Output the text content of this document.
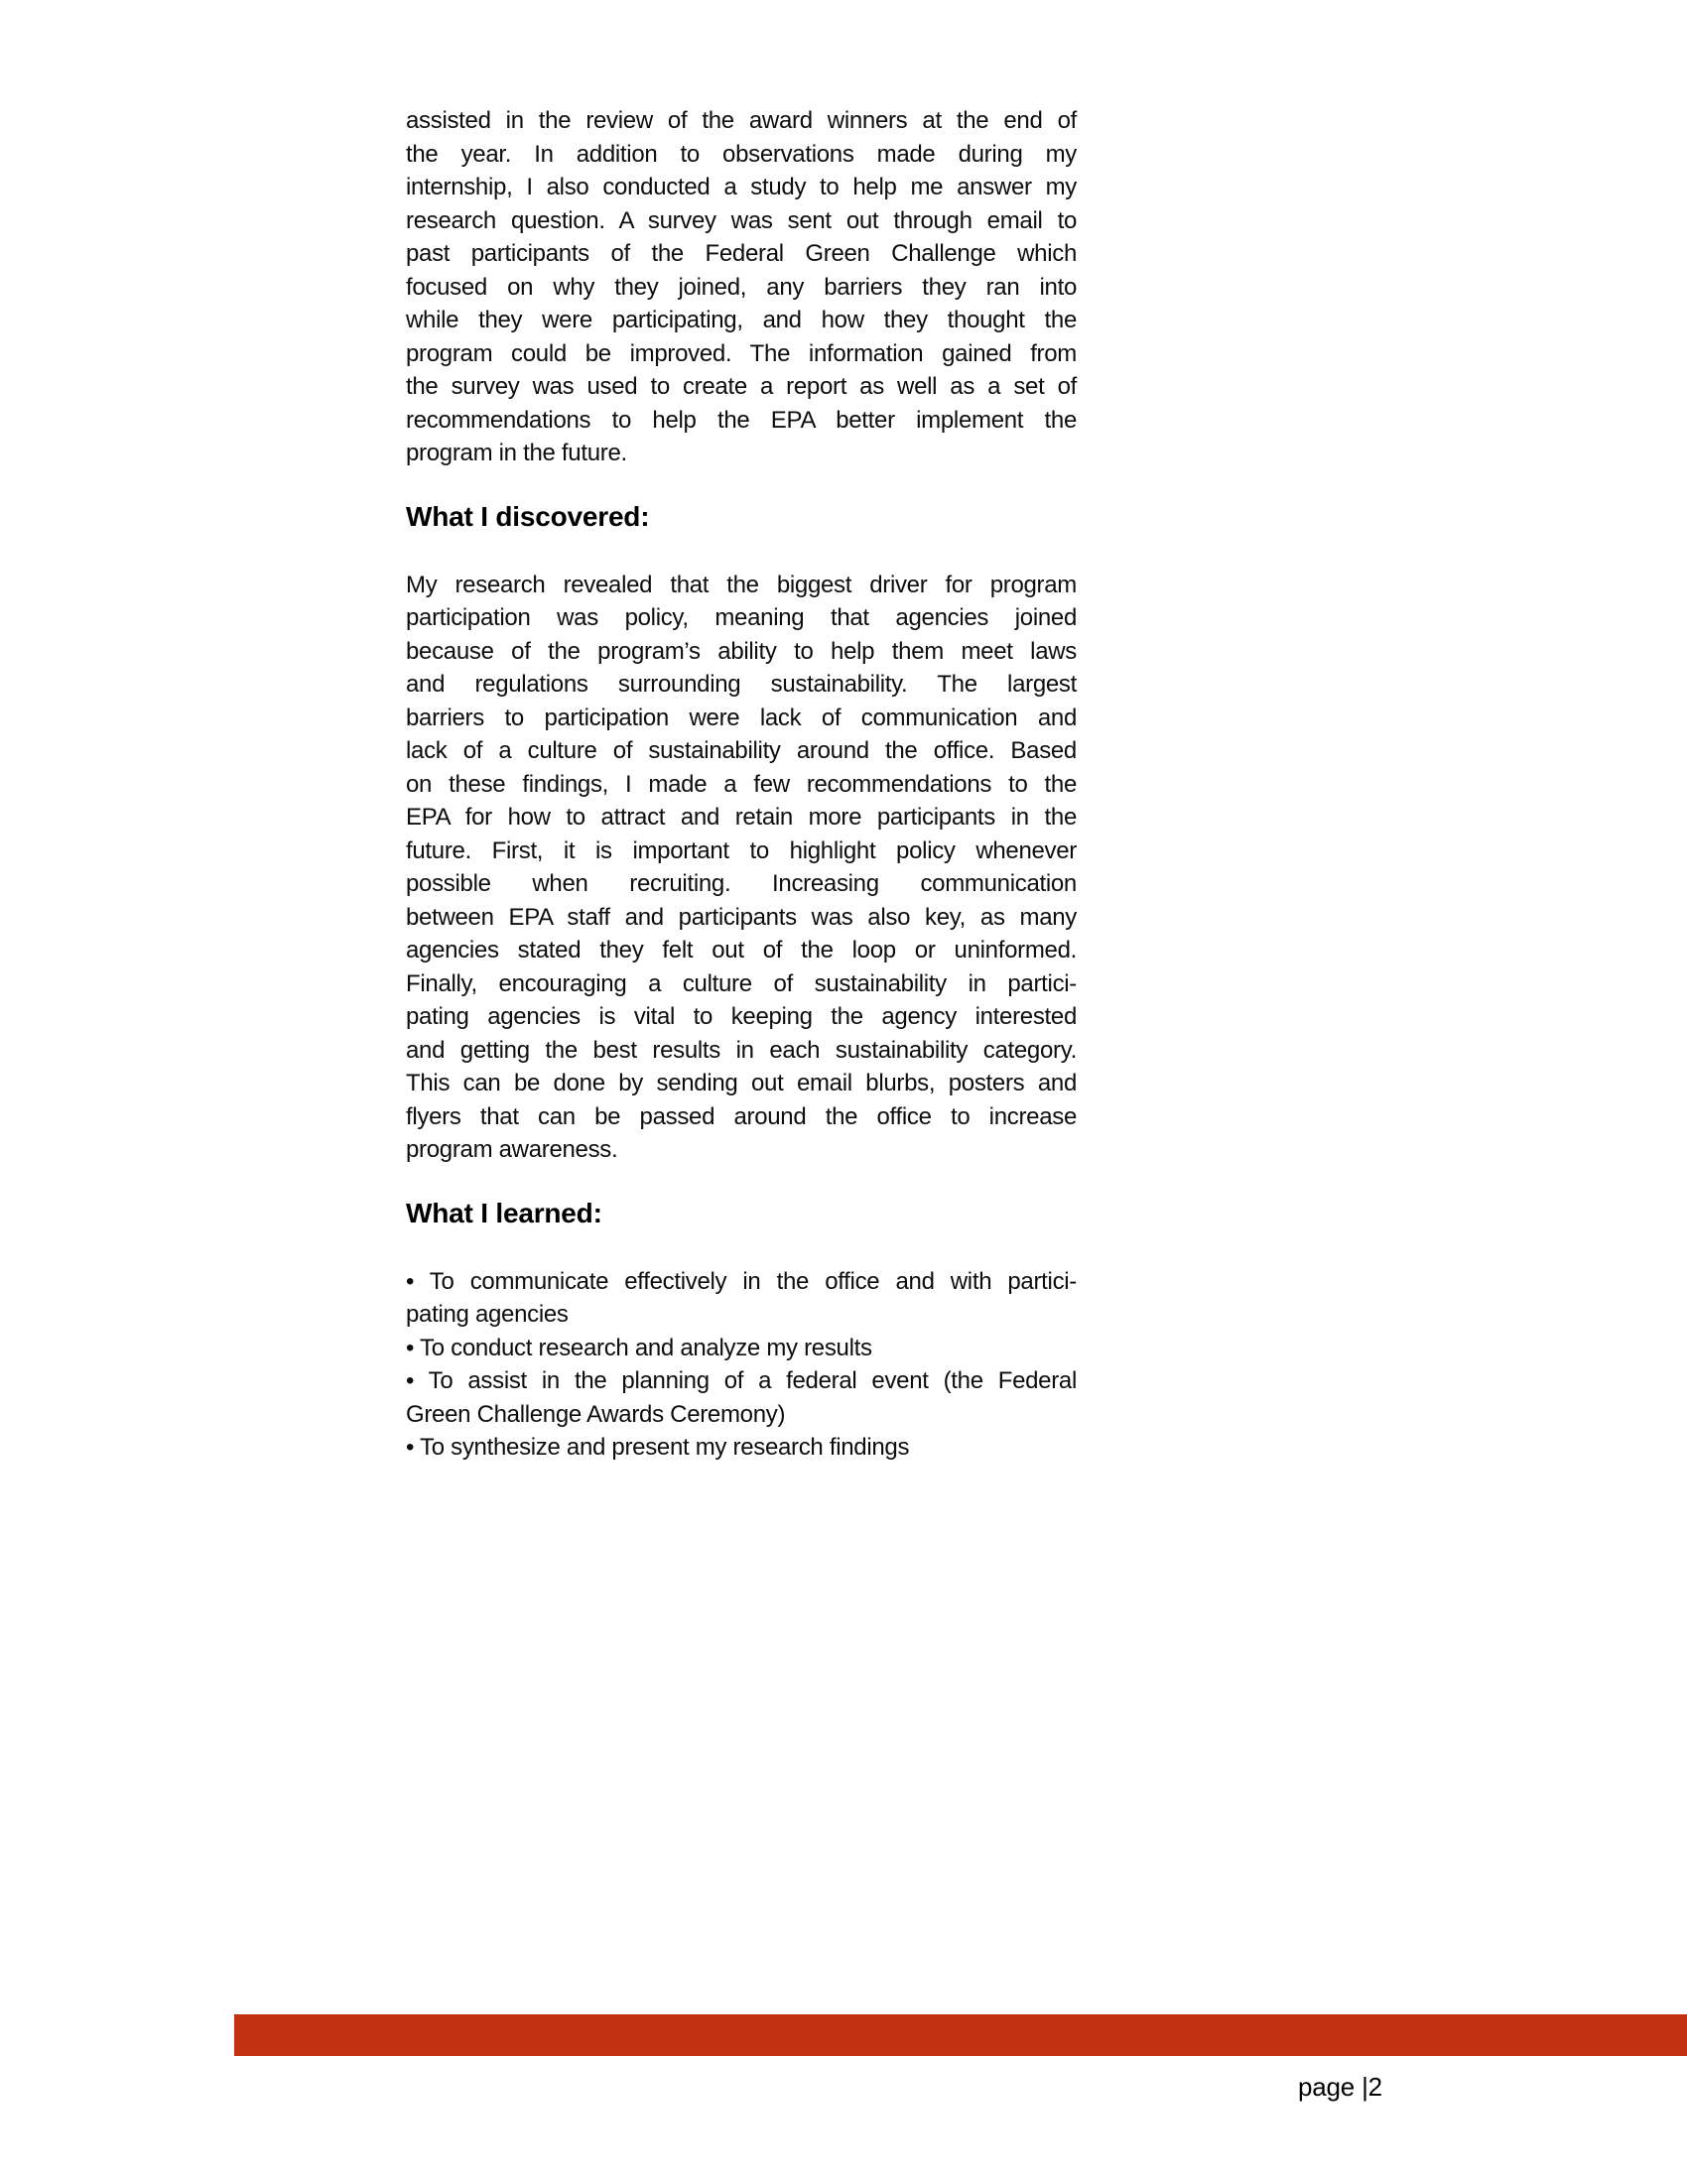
assisted in the review of the award winners at the end of
the year. In addition to observations made during my
internship, I also conducted a study to help me answer my
research question. A survey was sent out through email to
past participants of the Federal Green Challenge which
focused on why they joined, any barriers they ran into
while they were participating, and how they thought the
program could be improved. The information gained from
the survey was used to create a report as well as a set of
recommendations to help the EPA better implement the
program in the future.
What I discovered:
My research revealed that the biggest driver for program
participation was policy, meaning that agencies joined
because of the program’s ability to help them meet laws
and regulations surrounding sustainability. The largest
barriers to participation were lack of communication and
lack of a culture of sustainability around the office. Based
on these findings, I made a few recommendations to the
EPA for how to attract and retain more participants in the
future. First, it is important to highlight policy whenever
possible when recruiting. Increasing communication
between EPA staff and participants was also key, as many
agencies stated they felt out of the loop or uninformed.
Finally, encouraging a culture of sustainability in partici-
pating agencies is vital to keeping the agency interested
and getting the best results in each sustainability category.
This can be done by sending out email blurbs, posters and
flyers that can be passed around the office to increase
program awareness.
What I learned:
• To communicate effectively in the office and with partici-
pating agencies
• To conduct research and analyze my results
• To assist in the planning of a federal event (the Federal
Green Challenge Awards Ceremony)
• To synthesize and present my research findings
page |2
